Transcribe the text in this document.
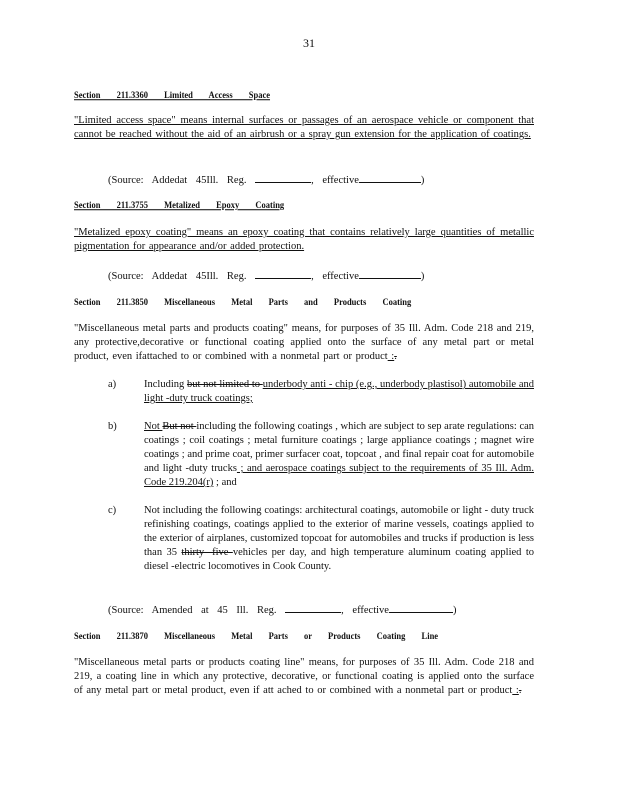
31
Section 211.3360 Limited Access Space
"Limited access space" means internal surfaces or passages of an aerospace vehicle or component that cannot be reached without the aid of an airbrush or a spray gun extension for the application of coatings.
(Source: Addedat 45Ill. Reg.	, effective	)
Section 211.3755 Metalized Epoxy Coating
"Metalized epoxy coating" means an epoxy coating that contains relatively large quantities of metallic pigmentation for appearance and/or added protection.
(Source: Addedat 45Ill. Reg.	, effective	)
Section 211.3850 Miscellaneous Metal Parts and Products Coating
"Miscellaneous metal parts and products coating" means, for purposes of 35 Ill. Adm. Code 218 and 219, any protective,decorative or functional coating applied onto the surface of any metal part or metal product, even ifattached to or combined with a nonmetal part or product :.
a)	Including but not limited to underbody anti - chip (e.g., underbody plastisol) automobile and light -duty truck coatings;
b)	Not But not including the following coatings , which are subject to sep arate regulations: can coatings ; coil coatings ; metal furniture coatings ; large appliance coatings ; magnet wire coatings ; and prime coat, primer surfacer coat, topcoat , and final repair coat for automobile and light -duty trucks ; and aerospace coatings subject to the requirements of 35 Ill. Adm. Code 219.204(r) ; and
c)	Not including the following coatings: architectural coatings, automobile or light - duty truck refinishing coatings, coatings applied to the exterior of marine vessels, coatings applied to the exterior of airplanes, customized topcoat for automobiles and trucks if production is less than 35 thirty- five vehicles per day, and high temperature aluminum coating applied to diesel -electric locomotives in Cook County.
(Source: Amended at 45 Ill. Reg.	, effective	)
Section 211.3870 Miscellaneous Metal Parts or Products Coating Line
"Miscellaneous metal parts or products coating line" means, for purposes of 35 Ill. Adm. Code 218 and 219, a coating line in which any protective, decorative, or functional coating is applied onto the surface of any metal part or metal product, even if att ached to or combined with a nonmetal part or product :.
